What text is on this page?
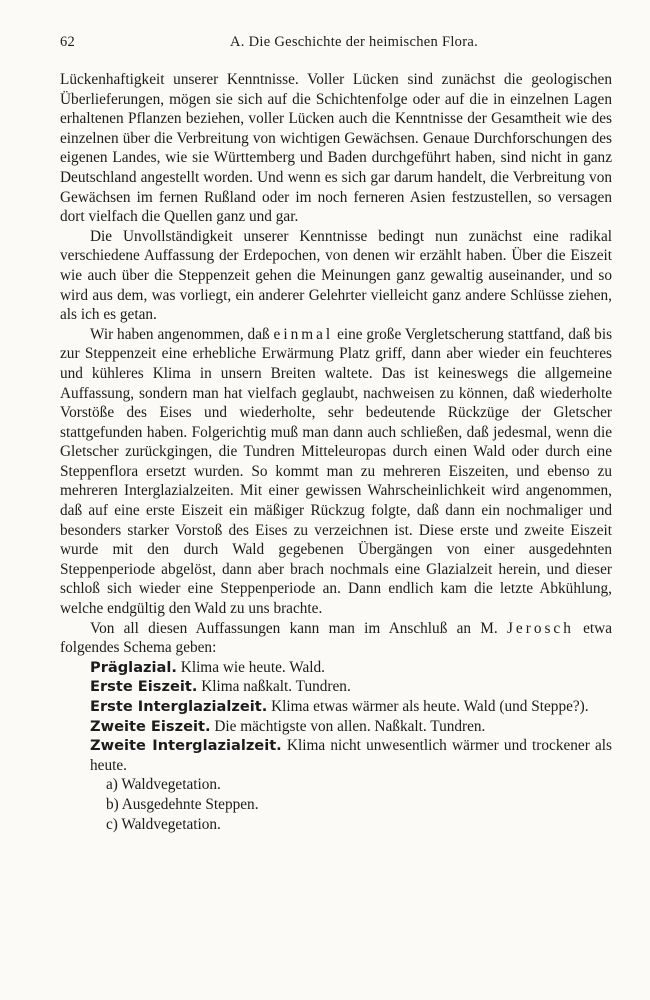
62	A. Die Geschichte der heimischen Flora.

Lückenhaftigkeit unserer Kenntnisse. Voller Lücken sind zunächst die geologischen Überlieferungen, mögen sie sich auf die Schichtenfolge oder auf die in einzelnen Lagen erhaltenen Pflanzen beziehen, voller Lücken auch die Kenntnisse der Gesamtheit wie des einzelnen über die Verbreitung von wichtigen Gewächsen. Genaue Durchforschungen des eigenen Landes, wie sie Württemberg und Baden durchgeführt haben, sind nicht in ganz Deutschland angestellt worden. Und wenn es sich gar darum handelt, die Verbreitung von Gewächsen im fernen Rußland oder im noch ferneren Asien festzustellen, so versagen dort vielfach die Quellen ganz und gar.

Die Unvollständigkeit unserer Kenntnisse bedingt nun zunächst eine radikal verschiedene Auffassung der Erdepochen, von denen wir erzählt haben. Über die Eiszeit wie auch über die Steppenzeit gehen die Meinungen ganz gewaltig auseinander, und so wird aus dem, was vorliegt, ein anderer Gelehrter vielleicht ganz andere Schlüsse ziehen, als ich es getan.

Wir haben angenommen, daß einmal eine große Vergletscherung stattfand, daß bis zur Steppenzeit eine erhebliche Erwärmung Platz griff, dann aber wieder ein feuchteres und kühleres Klima in unsern Breiten waltete. Das ist keineswegs die allgemeine Auffassung, sondern man hat vielfach geglaubt, nachweisen zu können, daß wiederholte Vorstöße des Eises und wiederholte, sehr bedeutende Rückzüge der Gletscher stattgefunden haben. Folgerichtig muß man dann auch schließen, daß jedesmal, wenn die Gletscher zurückgingen, die Tundren Mitteleuropas durch einen Wald oder durch eine Steppenflora ersetzt wurden. So kommt man zu mehreren Eiszeiten, und ebenso zu mehreren Interglazialzeiten. Mit einer gewissen Wahrscheinlichkeit wird angenommen, daß auf eine erste Eiszeit ein mäßiger Rückzug folgte, daß dann ein nochmaliger und besonders starker Vorstoß des Eises zu verzeichnen ist. Diese erste und zweite Eiszeit wurde mit den durch Wald gegebenen Übergängen von einer ausgedehnten Steppenperiode abgelöst, dann aber brach nochmals eine Glazialzeit herein, und dieser schloß sich wieder eine Steppenperiode an. Dann endlich kam die letzte Abkühlung, welche endgültig den Wald zu uns brachte.

Von all diesen Auffassungen kann man im Anschluß an M. Jerosch etwa folgendes Schema geben:

Präglazial. Klima wie heute. Wald.

Erste Eiszeit. Klima naßkalt. Tundren.

Erste Interglazialzeit. Klima etwas wärmer als heute. Wald (und Steppe?).

Zweite Eiszeit. Die mächtigste von allen. Naßkalt. Tundren.

Zweite Interglazialzeit. Klima nicht unwesentlich wärmer und trockener als heute.

a) Waldvegetation.

b) Ausgedehnte Steppen.

c) Waldvegetation.
